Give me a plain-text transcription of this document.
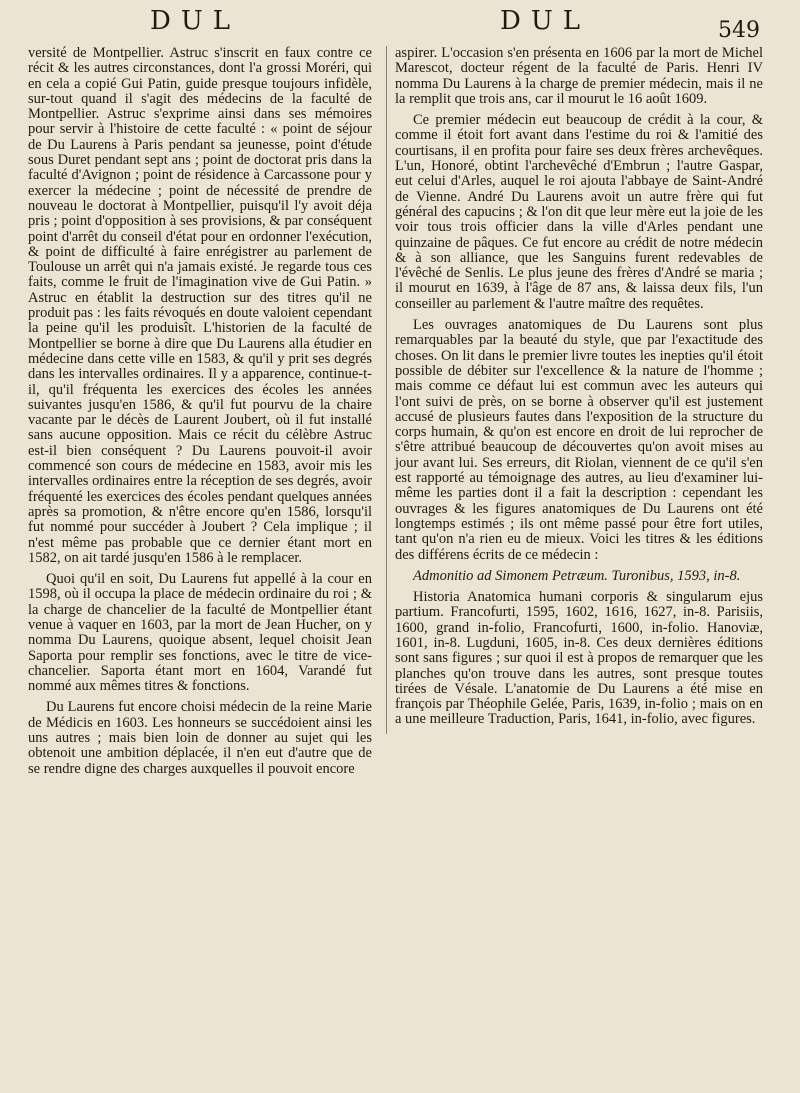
DUL	DUL	549

versité de Montpellier. Astruc s'inscrit en faux contre ce récit & les autres circonstances, dont l'a grossi Moréri, qui en cela a copié Gui Patin, guide presque toujours infidèle, sur-tout quand il s'agit des médecins de la faculté de Montpellier. Astruc s'exprime ainsi dans ses mémoires pour servir à l'histoire de cette faculté : « point de séjour de Du Laurens à Paris pendant sa jeunesse, point d'étude sous Duret pendant sept ans ; point de doctorat pris dans la faculté d'Avignon ; point de résidence à Carcassone pour y exercer la médecine ; point de nécessité de prendre de nouveau le doctorat à Montpellier, puisqu'il l'y avoit déja pris ; point d'opposition à ses provisions, & par conséquent point d'arrêt du conseil d'état pour en ordonner l'exécution, & point de difficulté à faire enrégistrer au parlement de Toulouse un arrêt qui n'a jamais existé. Je regarde tous ces faits, comme le fruit de l'imagination vive de Gui Patin. » Astruc en établit la destruction sur des titres qu'il ne produit pas : les faits révoqués en doute valoient cependant la peine qu'il les produisît. L'historien de la faculté de Montpellier se borne à dire que Du Laurens alla étudier en médecine dans cette ville en 1583, & qu'il y prit ses degrés dans les intervalles ordinaires. Il y a apparence, continue-t-il, qu'il fréquenta les exercices des écoles les années suivantes jusqu'en 1586, & qu'il fut pourvu de la chaire vacante par le décès de Laurent Joubert, où il fut installé sans aucune opposition. Mais ce récit du célèbre Astruc est-il bien conséquent ? Du Laurens pouvoit-il avoir commencé son cours de médecine en 1583, avoir mis les intervalles ordinaires entre la réception de ses degrés, avoir fréquenté les exercices des écoles pendant quelques années après sa promotion, & n'être encore qu'en 1586, lorsqu'il fut nommé pour succéder à Joubert ? Cela implique ; il n'est même pas probable que ce dernier étant mort en 1582, on ait tardé jusqu'en 1586 à le remplacer.

Quoi qu'il en soit, Du Laurens fut appellé à la cour en 1598, où il occupa la place de médecin ordinaire du roi ; & la charge de chancelier de la faculté de Montpellier étant venue à vaquer en 1603, par la mort de Jean Hucher, on y nomma Du Laurens, quoique absent, lequel choisit Jean Saporta pour remplir ses fonctions, avec le titre de vice-chancelier. Saporta étant mort en 1604, Varandé fut nommé aux mêmes titres & fonctions.

Du Laurens fut encore choisi médecin de la reine Marie de Médicis en 1603. Les honneurs se succédoient ainsi les uns autres ; mais bien loin de donner au sujet qui les obtenoit une ambition déplacée, il n'en eut d'autre que de se rendre digne des charges auxquelles il pouvoit encore

aspirer. L'occasion s'en présenta en 1606 par la mort de Michel Marescot, docteur régent de la faculté de Paris. Henri IV nomma Du Laurens à la charge de premier médecin, mais il ne la remplit que trois ans, car il mourut le 16 août 1609.

Ce premier médecin eut beaucoup de crédit à la cour, & comme il étoit fort avant dans l'estime du roi & l'amitié des courtisans, il en profita pour faire ses deux frères archevêques. L'un, Honoré, obtint l'archevêché d'Embrun ; l'autre Gaspar, eut celui d'Arles, auquel le roi ajouta l'abbaye de Saint-André de Vienne. André Du Laurens avoit un autre frère qui fut général des capucins ; & l'on dit que leur mère eut la joie de les voir tous trois officier dans la ville d'Arles pendant une quinzaine de pâques. Ce fut encore au crédit de notre médecin & à son alliance, que les Sanguins furent redevables de l'évêché de Senlis. Le plus jeune des frères d'André se maria ; il mourut en 1639, à l'âge de 87 ans, & laissa deux fils, l'un conseiller au parlement & l'autre maître des requêtes.

Les ouvrages anatomiques de Du Laurens sont plus remarquables par la beauté du style, que par l'exactitude des choses. On lit dans le premier livre toutes les inepties qu'il étoit possible de débiter sur l'excellence & la nature de l'homme ; mais comme ce défaut lui est commun avec les auteurs qui l'ont suivi de près, on se borne à observer qu'il est justement accusé de plusieurs fautes dans l'exposition de la structure du corps humain, & qu'on est encore en droit de lui reprocher de s'être attribué beaucoup de découvertes qu'on avoit mises au jour avant lui. Ses erreurs, dit Riolan, viennent de ce qu'il s'en est rapporté au témoignage des autres, au lieu d'examiner lui-même les parties dont il a fait la description : cependant les ouvrages & les figures anatomiques de Du Laurens ont été longtemps estimés ; ils ont même passé pour être fort utiles, tant qu'on n'a rien eu de mieux. Voici les titres & les éditions des différens écrits de ce médecin :

Admonitio ad Simonem Petræum. Turonibus, 1593, in-8.

Historia Anatomica humani corporis & singularum ejus partium. Francofurti, 1595, 1602, 1616, 1627, in-8. Parisiis, 1600, grand in-folio, Francofurti, 1600, in-folio. Hanoviæ, 1601, in-8. Lugduni, 1605, in-8. Ces deux dernières éditions sont sans figures ; sur quoi il est à propos de remarquer que les planches qu'on trouve dans les autres, sont presque toutes tirées de Vésale. L'anatomie de Du Laurens a été mise en françois par Théophile Gelée, Paris, 1639, in-folio ; mais on en a une meilleure Traduction, Paris, 1641, in-folio, avec figures.
